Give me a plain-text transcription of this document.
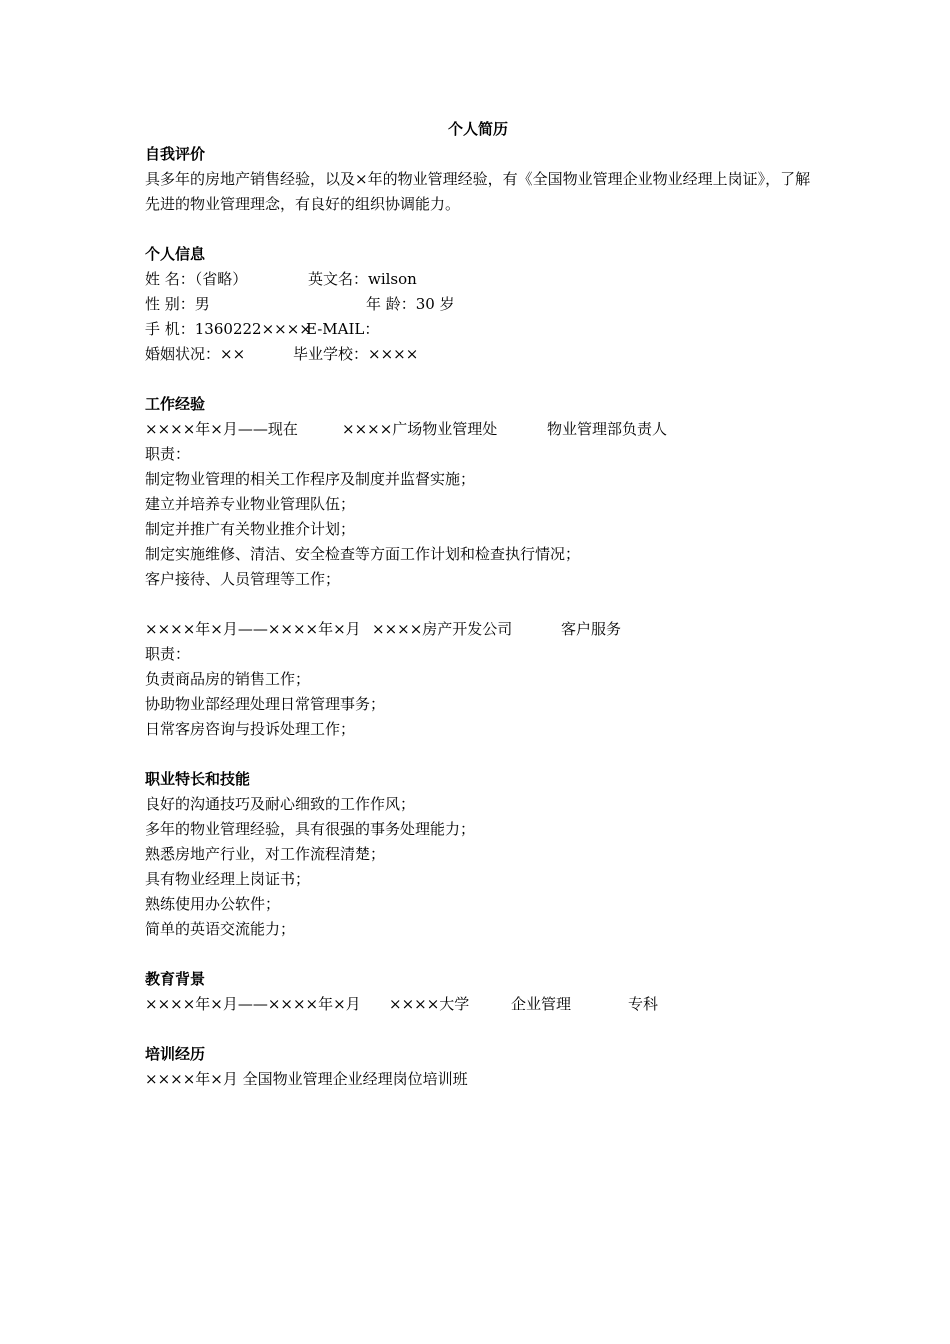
个人简历
自我评价

具多年的房地产销售经验，以及×年的物业管理经验，有《全国物业管理企业物业经理上岗证》，了解先进的物业管理理念，有良好的组织协调能力。

个人信息
姓 名：（省略）	英文名：wilson
性 别：男	年 龄：30 岁
手 机：1360222××××
E-MAIL：
婚姻状况：××	毕业学校：××××
工作经验
××××年×月——现在	××××广场物业管理处	物业管理部负责人
职责：
制定物业管理的相关工作程序及制度并监督实施；
建立并培养专业物业管理队伍；
制定并推广有关物业推介计划；
制定实施维修、清洁、安全检查等方面工作计划和检查执行情况；
客户接待、人员管理等工作；
××××年×月——××××年×月 ××××房产开发公司	客户服务
职责：
负责商品房的销售工作；
协助物业部经理处理日常管理事务；
日常客房咨询与投诉处理工作；
职业特长和技能
良好的沟通技巧及耐心细致的工作作风；
多年的物业管理经验，具有很强的事务处理能力；
熟悉房地产行业，对工作流程清楚；
具有物业经理上岗证书；
熟练使用办公软件；
简单的英语交流能力；
教育背景
××××年×月——××××年×月 ××××大学	企业管理	专科
培训经历
××××年×月 全国物业管理企业经理岗位培训班
